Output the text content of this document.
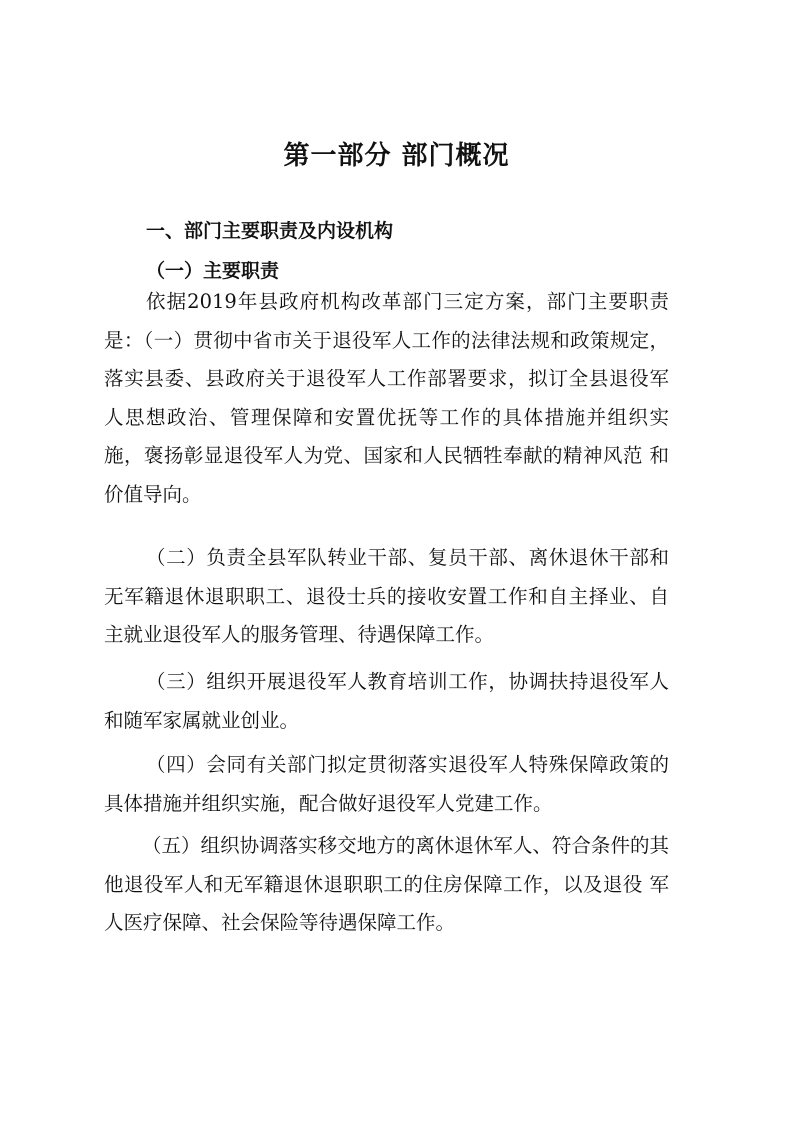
第一部分 部门概况
一、部门主要职责及内设机构
（一）主要职责

依据2019年县政府机构改革部门三定方案，部门主要职责是：（一）贯彻中省市关于退役军人工作的法律法规和政策规定，落实县委、县政府关于退役军人工作部署要求，拟订全县退役军人思想政治、管理保障和安置优抚等工作的具体措施并组织实施，褒扬彰显退役军人为党、国家和人民牺牲奉献的精神风范 和价值导向。

（二）负责全县军队转业干部、复员干部、离休退休干部和 无军籍退休退职职工、退役士兵的接收安置工作和自主择业、自 主就业退役军人的服务管理、待遇保障工作。

（三）组织开展退役军人教育培训工作，协调扶持退役军人和随军家属就业创业。

（四）会同有关部门拟定贯彻落实退役军人特殊保障政策的具体措施并组织实施，配合做好退役军人党建工作。

（五）组织协调落实移交地方的离休退休军人、符合条件的其他退役军人和无军籍退休退职职工的住房保障工作，以及退役 军人医疗保障、社会保险等待遇保障工作。
